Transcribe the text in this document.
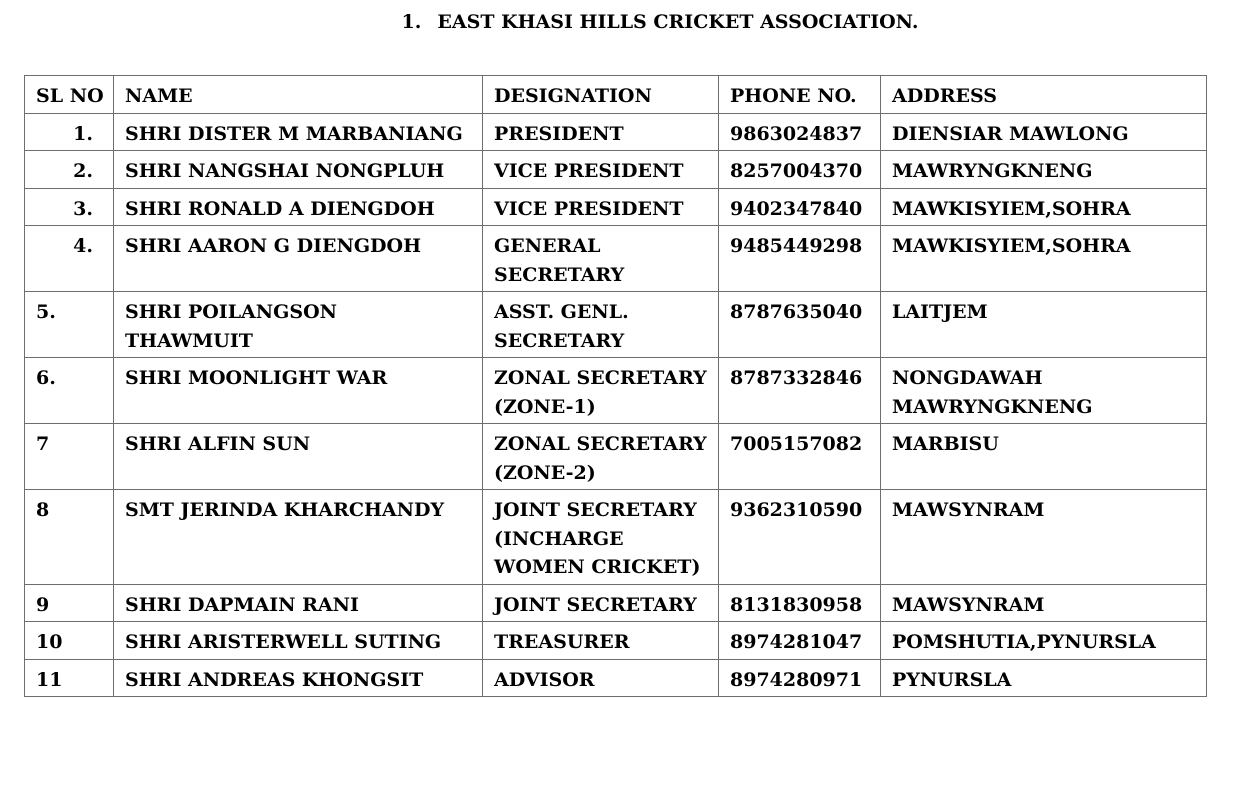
1. EAST KHASI HILLS CRICKET ASSOCIATION.
SL NO	NAME	DESIGNATION	PHONE NO.	ADDRESS
1.	SHRI DISTER M MARBANIANG	PRESIDENT	9863024837	DIENSIAR MAWLONG
2.	SHRI NANGSHAI NONGPLUH	VICE PRESIDENT	8257004370	MAWRYNGKNENG
3.	SHRI RONALD A DIENGDOH	VICE PRESIDENT	9402347840	MAWKISYIEM,SOHRA
4.	SHRI AARON G DIENGDOH	GENERAL SECRETARY	9485449298	MAWKISYIEM,SOHRA
5.	SHRI POILANGSON THAWMUIT	ASST. GENL. SECRETARY	8787635040	LAITJEM
6.	SHRI MOONLIGHT WAR	ZONAL SECRETARY (ZONE-1)	8787332846	NONGDAWAH MAWRYNGKNENG
7	SHRI ALFIN SUN	ZONAL SECRETARY (ZONE-2)	7005157082	MARBISU
8	SMT JERINDA KHARCHANDY	JOINT SECRETARY (INCHARGE WOMEN CRICKET)	9362310590	MAWSYNRAM
9	SHRI DAPMAIN RANI	JOINT SECRETARY	8131830958	MAWSYNRAM
10	SHRI ARISTERWELL SUTING	TREASURER	8974281047	POMSHUTIA,PYNURSLA
11	SHRI ANDREAS KHONGSIT	ADVISOR	8974280971	PYNURSLA
